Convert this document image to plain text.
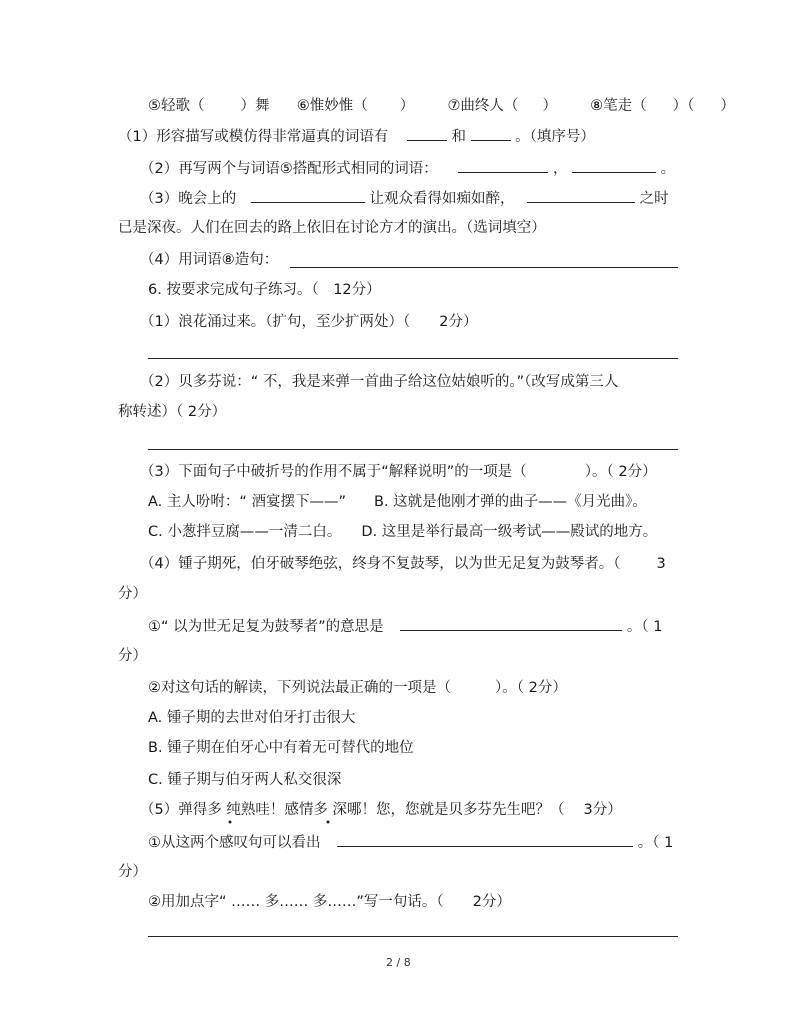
⑤轻歌（ ）舞 ⑥惟妙惟（ ） ⑦曲终人（ ） ⑧笔走（ ）（ ）
（1）形容描写或模仿得非常逼真的词语有	和	。（填序号）
（2）再写两个与词语⑤搭配形式相同的词语：	，	。
（3）晚会上的	让观众看得如痴如醉，	之时
已是深夜。人们在回去的路上依旧在讨论方才的演出。（选词填空）
（4）用词语⑧造句：
6. 按要求完成句子练习。（　12分）
（1）浪花涌过来。（扩句，至少扩两处）（　　2分）
（2）贝多芬说：“ 不，我是来弹一首曲子给这位姑娘听的。”（改写成第三人
称转述）（ 2分）
（3）下面句子中破折号的作用不属于“解释说明”的一项是（	）。（ 2分）
A. 主人吩咐：“ 酒宴摆下——” B. 这就是他刚才弹的曲子——《月光曲》。
C. 小葱拌豆腐——一清二白。 D. 这里是举行最高一级考试——殿试的地方。
（4）锺子期死，伯牙破琴绝弦，终身不复鼓琴，以为世无足复为鼓琴者。（ 3
分）
①“ 以为世无足复为鼓琴者”的意思是	。（ 1
分）
②对这句话的解读，下列说法最正确的一项是（	）。（ 2分）
A. 锺子期的去世对伯牙打击很大
B. 锺子期在伯牙心中有着无可替代的地位
C. 锺子期与伯牙两人私交很深
（5）弹得多 纯熟哇！感情多 深哪！您，您就是贝多芬先生吧？（　 3分）
①从这两个感叹句可以看出	。（ 1
分）
②用加点字“ …… 多…… 多……”写一句话。（　　2分）
2 / 8
